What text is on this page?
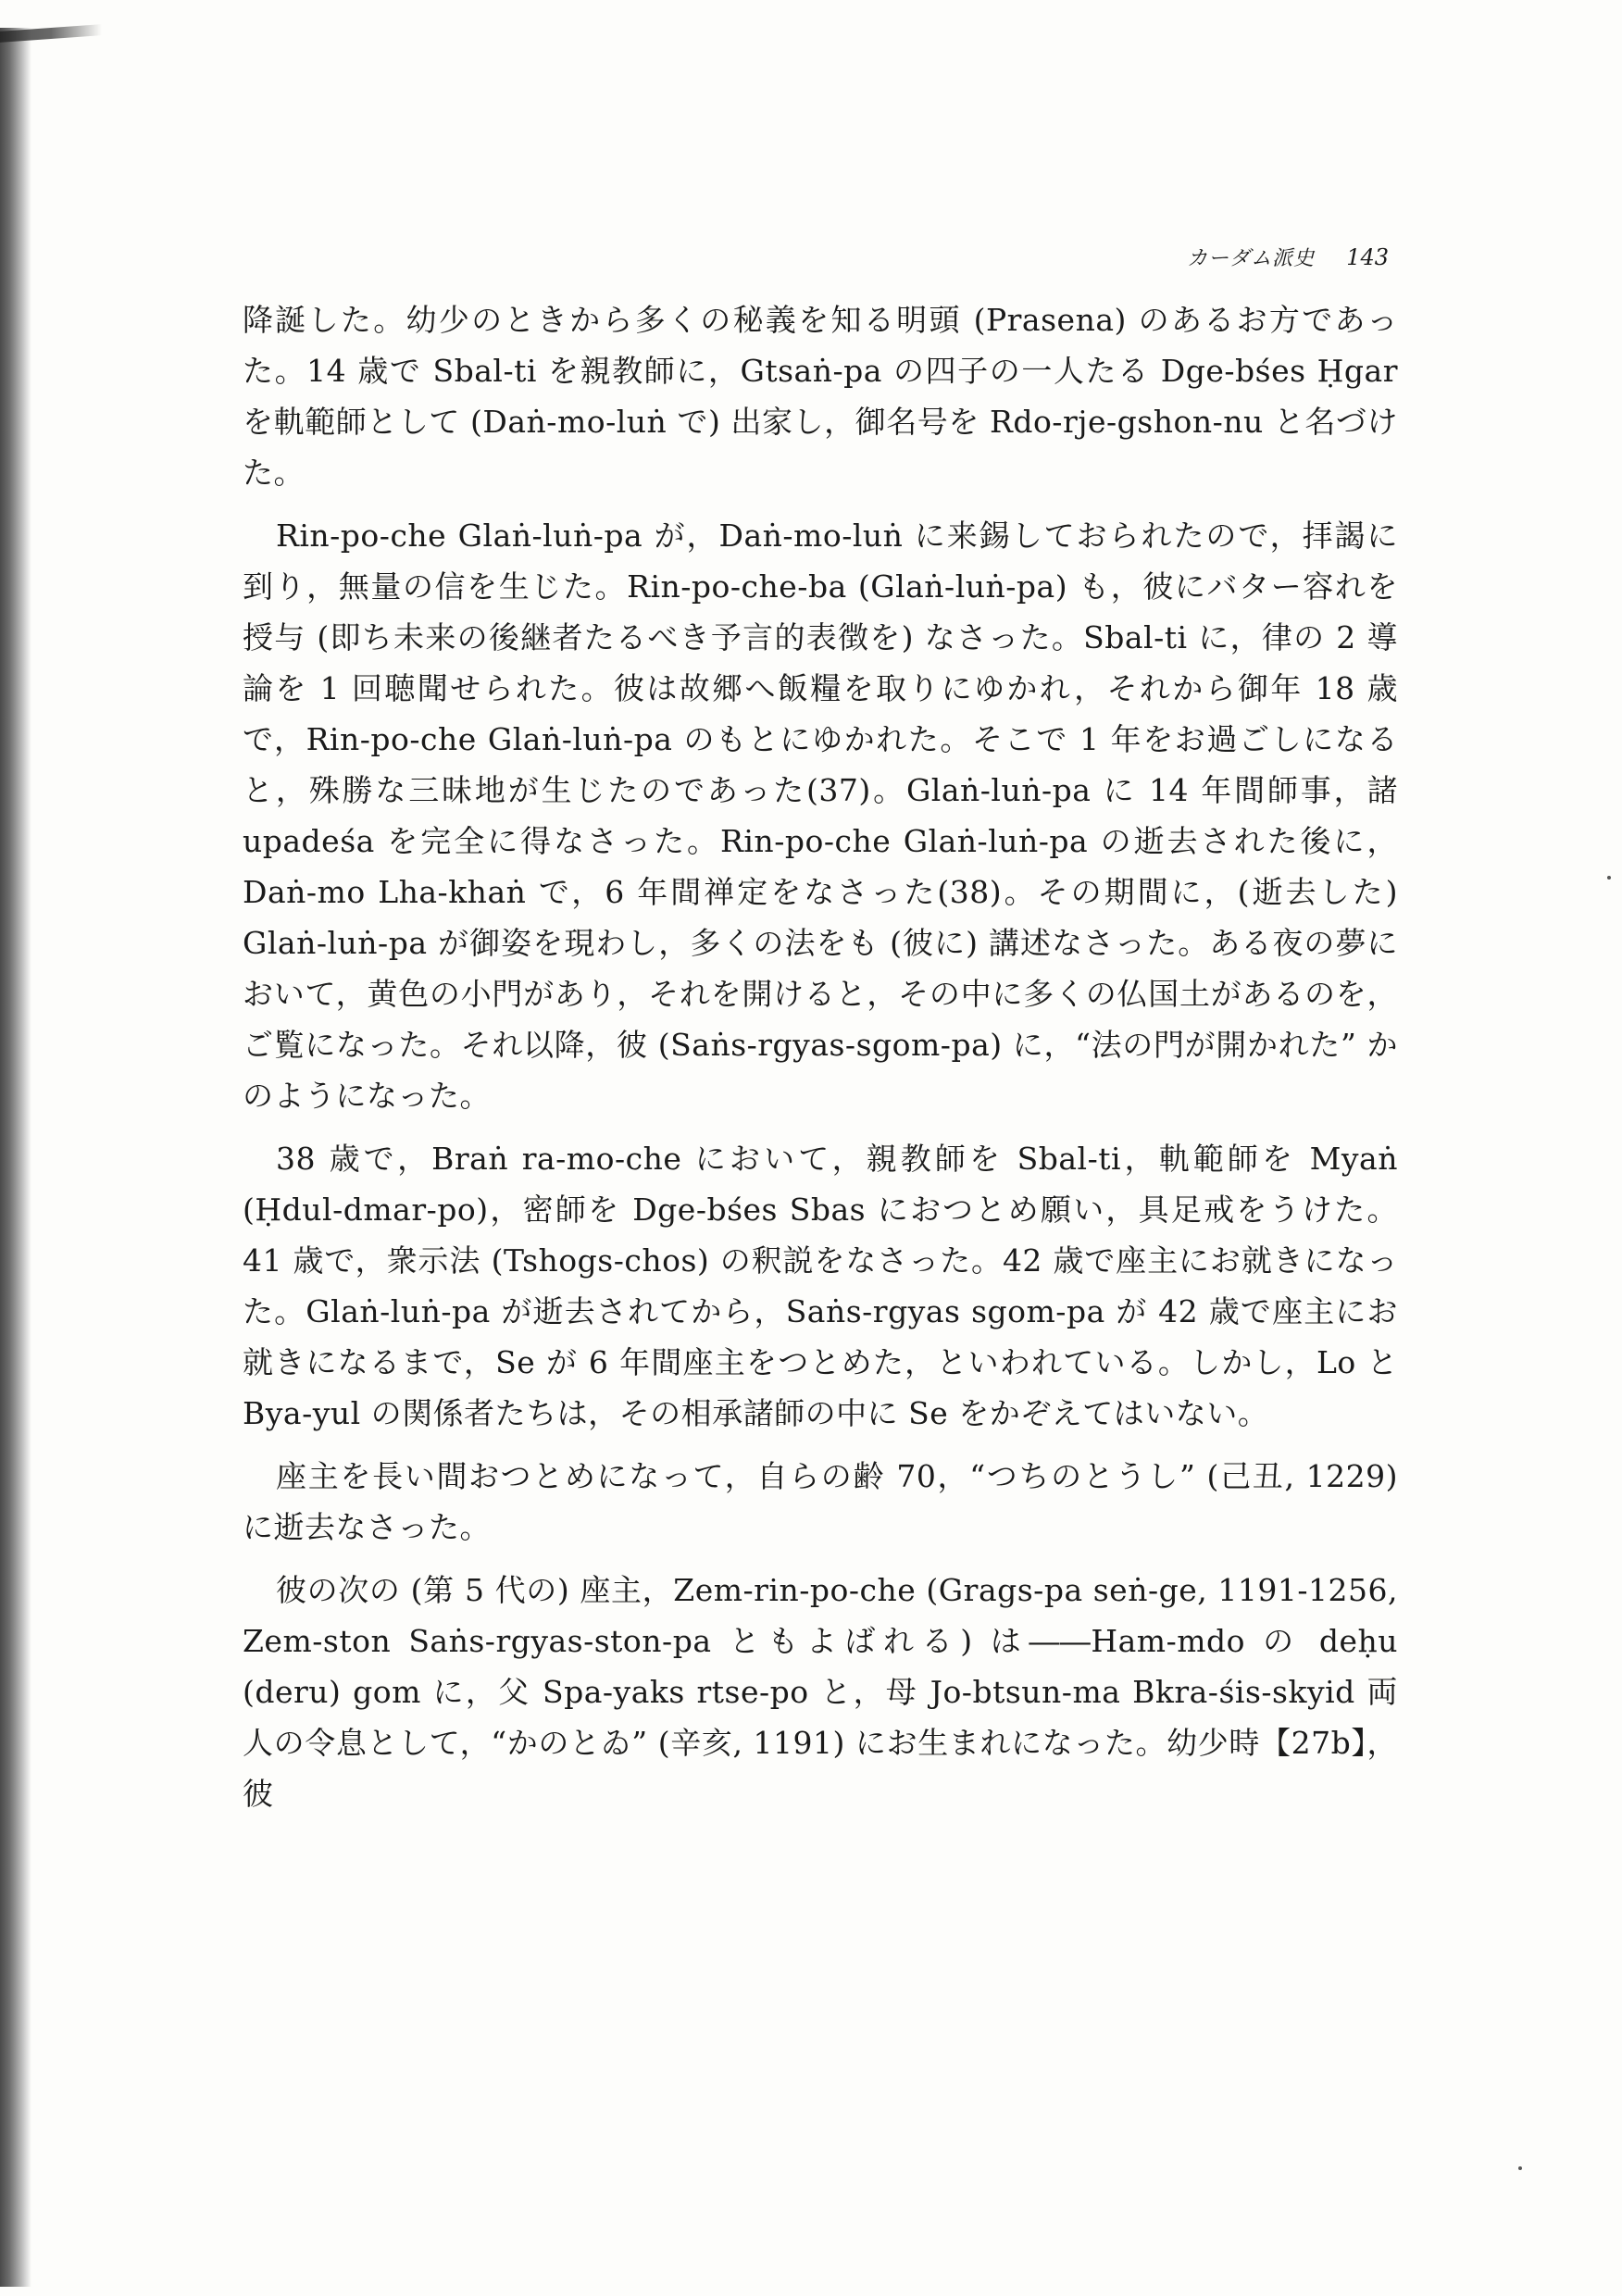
カーダム派史 143

降誕した。幼少のときから多くの秘義を知る明頭 (Prasena) のあるお方であった。14 歳で Sbal-ti を親教師に，Gtsaṅ-pa の四子の一人たる Dge-bśes Ḥgar を軌範師として (Daṅ-mo-luṅ で) 出家し，御名号を Rdo-rje-gshon-nu と名づけた。

Rin-po-che Glaṅ-luṅ-pa が，Daṅ-mo-luṅ に来錫しておられたので，拝謁に到り，無量の信を生じた。Rin-po-che-ba (Glaṅ-luṅ-pa) も，彼にバター容れを授与 (即ち未来の後継者たるべき予言的表徴を) なさった。Sbal-ti に，律の 2 導論を 1 回聴聞せられた。彼は故郷へ飯糧を取りにゆかれ，それから御年 18 歳で，Rin-po-che Glaṅ-luṅ-pa のもとにゆかれた。そこで 1 年をお過ごしになると，殊勝な三昧地が生じたのであった(37)。Glaṅ-luṅ-pa に 14 年間師事，諸 upadeśa を完全に得なさった。Rin-po-che Glaṅ-luṅ-pa の逝去された後に，Daṅ-mo Lha-khaṅ で，6 年間禅定をなさった(38)。その期間に，(逝去した) Glaṅ-luṅ-pa が御姿を現わし，多くの法をも (彼に) 講述なさった。ある夜の夢において，黄色の小門があり，それを開けると，その中に多くの仏国土があるのを，ご覧になった。それ以降，彼 (Saṅs-rgyas-sgom-pa) に，“法の門が開かれた” かのようになった。

38 歳で，Braṅ ra-mo-che において，親教師を Sbal-ti，軌範師を Myaṅ (Ḥdul-dmar-po)，密師を Dge-bśes Sbas におつとめ願い，具足戒をうけた。41 歳で，衆示法 (Tshogs-chos) の釈説をなさった。42 歳で座主にお就きになった。Glaṅ-luṅ-pa が逝去されてから，Saṅs-rgyas sgom-pa が 42 歳で座主にお就きになるまで，Se が 6 年間座主をつとめた，といわれている。しかし，Lo と Bya-yul の関係者たちは，その相承諸師の中に Se をかぞえてはいない。

座主を長い間おつとめになって，自らの齢 70，“つちのとうし” (己丑, 1229) に逝去なさった。

彼の次の (第 5 代の) 座主，Zem-rin-po-che (Grags-pa seṅ-ge, 1191-1256, Zem-ston Saṅs-rgyas-ston-pa ともよばれる) は――Ham-mdo の deḥu (deru) gom に，父 Spa-yaks rtse-po と，母 Jo-btsun-ma Bkra-śis-skyid 両人の令息として，“かのとゐ” (辛亥, 1191) にお生まれになった。幼少時【27b】，彼
